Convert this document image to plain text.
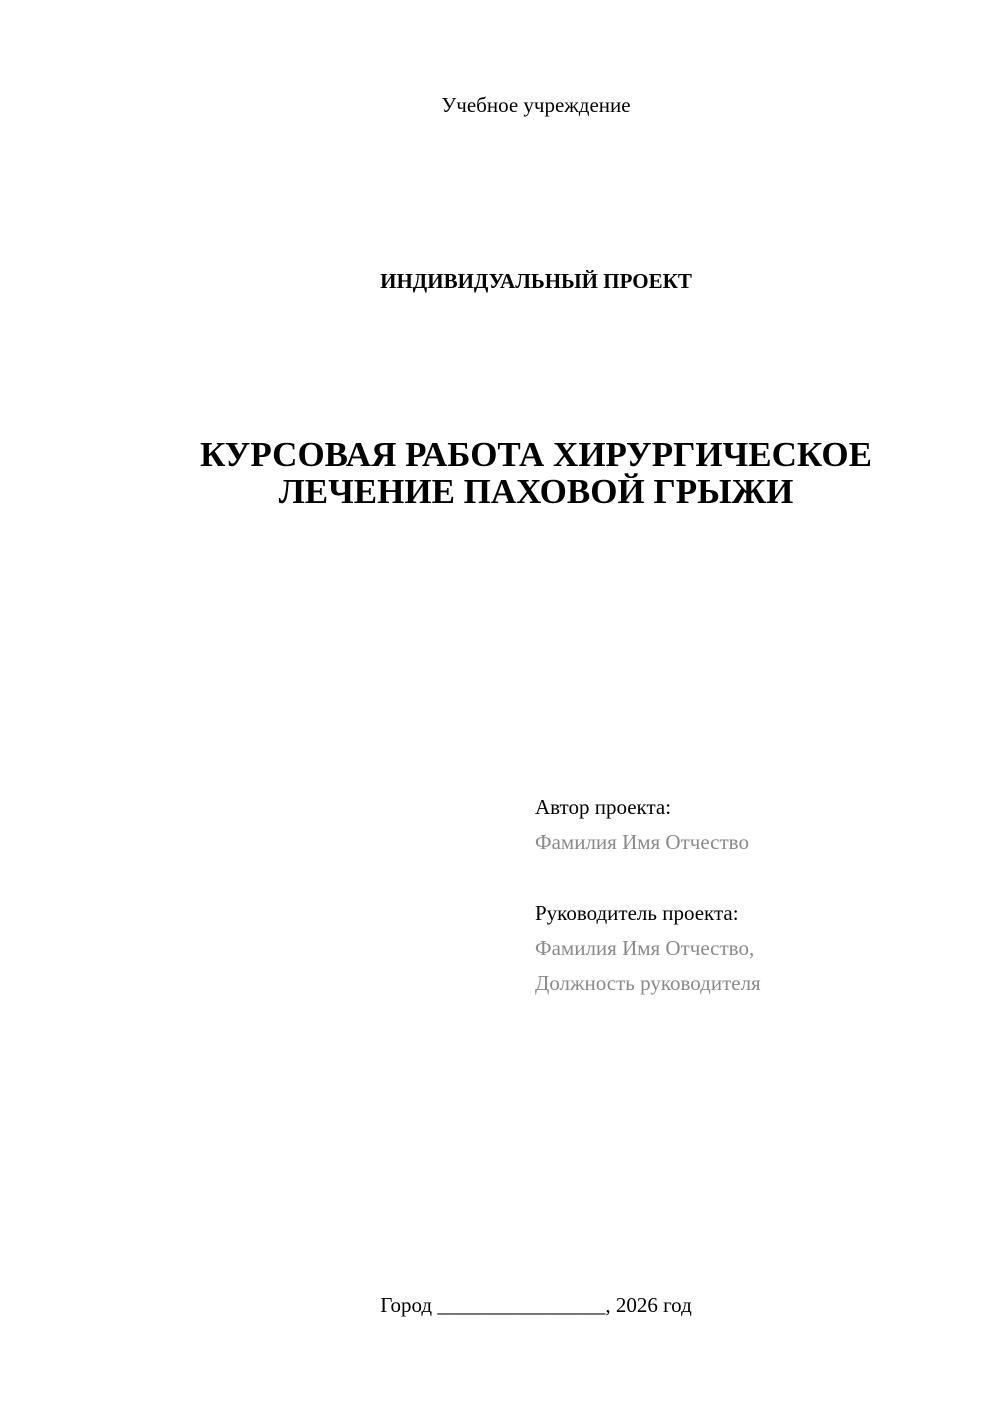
Учебное учреждение
ИНДИВИДУАЛЬНЫЙ ПРОЕКТ
КУРСОВАЯ РАБОТА ХИРУРГИЧЕСКОЕ
ЛЕЧЕНИЕ ПАХОВОЙ ГРЫЖИ
Автор проекта:
Фамилия Имя Отчество
Руководитель проекта:
Фамилия Имя Отчество,
Должность руководителя
Город ________________, 2026 год
